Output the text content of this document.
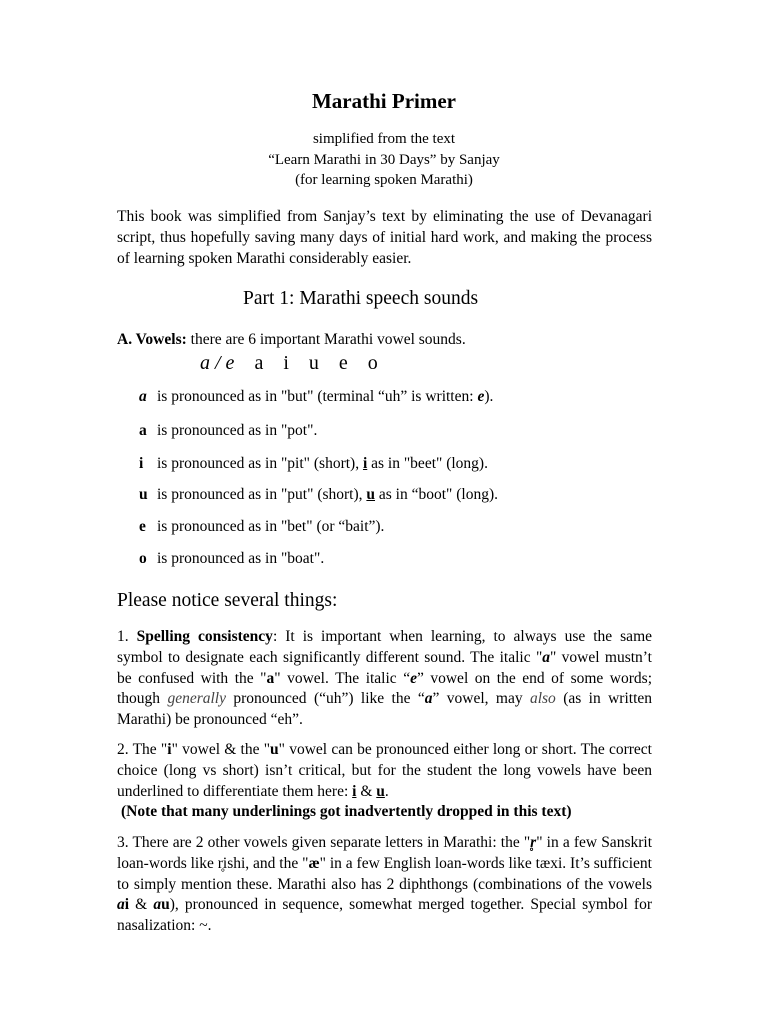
Marathi Primer
simplified from the text
“Learn Marathi in 30 Days” by Sanjay
(for learning spoken Marathi)
This book was simplified from Sanjay’s text by eliminating the use of Devanagari script, thus hopefully saving many days of initial hard work, and making the process of learning spoken Marathi considerably easier.
Part 1: Marathi speech sounds
A. Vowels: there are 6 important Marathi vowel sounds.
a / e a i u e o
a is pronounced as in "but" (terminal “uh” is written: e).
a is pronounced as in "pot".
i is pronounced as in "pit" (short), i as in "beet" (long).
u is pronounced as in "put" (short), u as in “boot" (long).
e is pronounced as in "bet" (or “bait”).
o is pronounced as in "boat".
Please notice several things:
1. Spelling consistency: It is important when learning, to always use the same symbol to designate each significantly different sound. The italic "a" vowel mustn’t be confused with the "a" vowel. The italic “e” vowel on the end of some words; though generally pronounced (“uh”) like the “a” vowel, may also (as in written Marathi) be pronounced “eh”.
2. The "i" vowel & the "u" vowel can be pronounced either long or short. The correct choice (long vs short) isn’t critical, but for the student the long vowels have been underlined to differentiate them here: i & u.
(Note that many underlinings got inadvertently dropped in this text)
3. There are 2 other vowels given separate letters in Marathi: the "r̥" in a few Sanskrit loan-words like r̥ishi, and the "æ" in a few English loan-words like tæxi. It’s sufficient to simply mention these. Marathi also has 2 diphthongs (combinations of the vowels ai & au), pronounced in sequence, somewhat merged together. Special symbol for nasalization: ~.
